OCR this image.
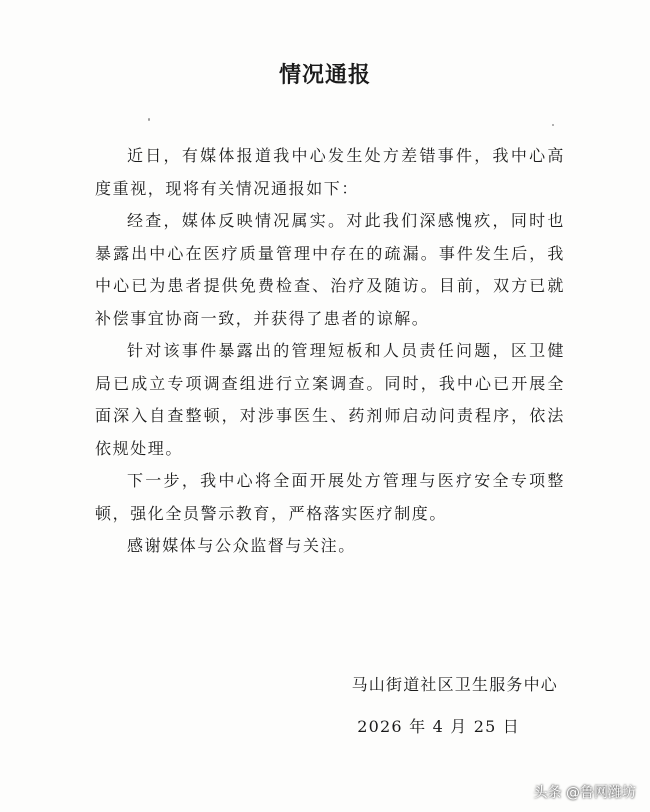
情况通报

近日，有媒体报道我中心发生处方差错事件，我中心高度重视，现将有关情况通报如下：

经查，媒体反映情况属实。对此我们深感愧疚，同时也暴露出中心在医疗质量管理中存在的疏漏。事件发生后，我中心已为患者提供免费检查、治疗及随访。目前，双方已就补偿事宜协商一致，并获得了患者的谅解。

针对该事件暴露出的管理短板和人员责任问题，区卫健局已成立专项调查组进行立案调查。同时，我中心已开展全面深入自查整顿，对涉事医生、药剂师启动问责程序，依法依规处理。

下一步，我中心将全面开展处方管理与医疗安全专项整顿，强化全员警示教育，严格落实医疗制度。

感谢媒体与公众监督与关注。

马山街道社区卫生服务中心
2026 年 4 月 25 日
头条 @鲁网潍坊
